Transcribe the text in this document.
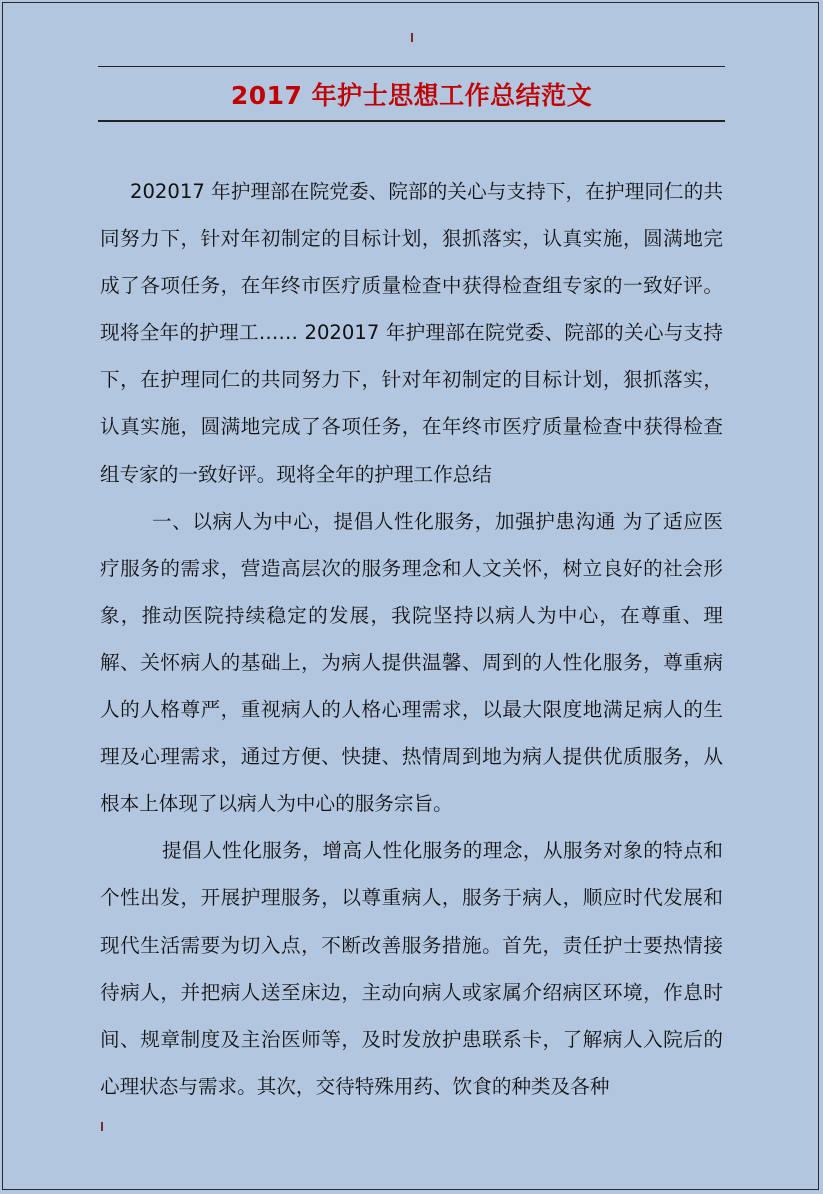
2017 年护士思想工作总结范文

202017 年护理部在院党委、院部的关心与支持下，在护理同仁的共同努力下，针对年初制定的目标计划，狠抓落实，认真实施，圆满地完成了各项任务，在年终市医疗质量检查中获得检查组专家的一致好评。现将全年的护理工…… 202017 年护理部在院党委、院部的关心与支持下，在护理同仁的共同努力下，针对年初制定的目标计划，狠抓落实，认真实施，圆满地完成了各项任务，在年终市医疗质量检查中获得检查组专家的一致好评。现将全年的护理工作总结

一、以病人为中心，提倡人性化服务，加强护患沟通 为了适应医疗服务的需求，营造高层次的服务理念和人文关怀，树立良好的社会形象，推动医院持续稳定的发展，我院坚持以病人为中心，在尊重、理解、关怀病人的基础上，为病人提供温馨、周到的人性化服务，尊重病人的人格尊严，重视病人的人格心理需求，以最大限度地满足病人的生理及心理需求，通过方便、快捷、热情周到地为病人提供优质服务，从根本上体现了以病人为中心的服务宗旨。

提倡人性化服务，增高人性化服务的理念，从服务对象的特点和个性出发，开展护理服务，以尊重病人，服务于病人，顺应时代发展和现代生活需要为切入点，不断改善服务措施。首先，责任护士要热情接待病人，并把病人送至床边，主动向病人或家属介绍病区环境，作息时间、规章制度及主治医师等，及时发放护患联系卡，了解病人入院后的心理状态与需求。其次，交待特殊用药、饮食的种类及各种
